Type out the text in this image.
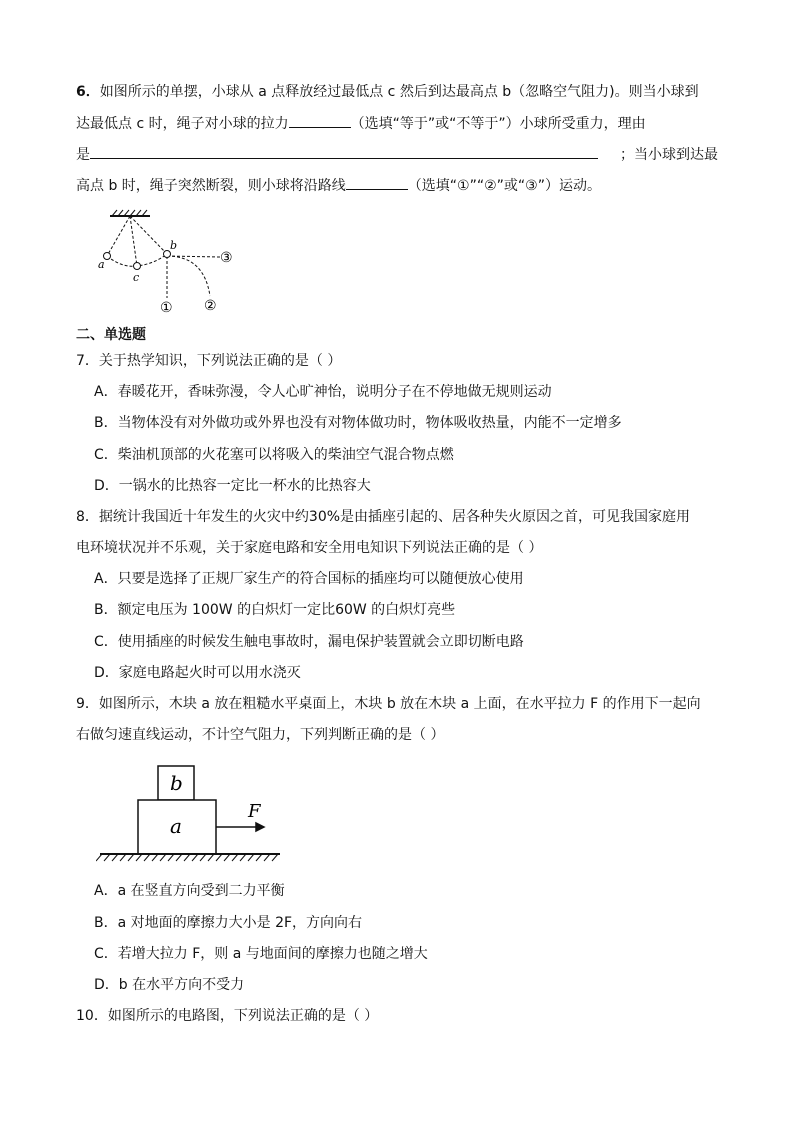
6．如图所示的单摆，小球从 a 点释放经过最低点 c 然后到达最高点 b（忽略空气阻力)。则当小球到
达最低点 c 时，绳子对小球的拉力	（选填“等于”或“不等于”）小球所受重力，理由
是	；当小球到达最
高点 b 时，绳子突然断裂，则小球将沿路线	（选填“①”“②”或“③”）运动。
a
c
b
① ②
③
二、单选题
7．关于热学知识，下列说法正确的是（ ）
A．春暖花开，香味弥漫，令人心旷神怡，说明分子在不停地做无规则运动
B．当物体没有对外做功或外界也没有对物体做功时，物体吸收热量，内能不一定增多
C．柴油机顶部的火花塞可以将吸入的柴油空气混合物点燃
D．一锅水的比热容一定比一杯水的比热容大
8．据统计我国近十年发生的火灾中约30%是由插座引起的、居各种失火原因之首，可见我国家庭用
电环境状况并不乐观，关于家庭电路和安全用电知识下列说法正确的是（ ）
A．只要是选择了正规厂家生产的符合国标的插座均可以随便放心使用
B．额定电压为 100W 的白炽灯一定比60W 的白炽灯亮些
C．使用插座的时候发生触电事故时，漏电保护装置就会立即切断电路
D．家庭电路起火时可以用水浇灭
9．如图所示，木块 a 放在粗糙水平桌面上，木块 b 放在木块 a 上面，在水平拉力 F 的作用下一起向
右做匀速直线运动，不计空气阻力，下列判断正确的是（ ）
b
a
F
A．a 在竖直方向受到二力平衡
B．a 对地面的摩擦力大小是 2F，方向向右
C．若增大拉力 F，则 a 与地面间的摩擦力也随之增大
D．b 在水平方向不受力
10．如图所示的电路图，下列说法正确的是（ ）
